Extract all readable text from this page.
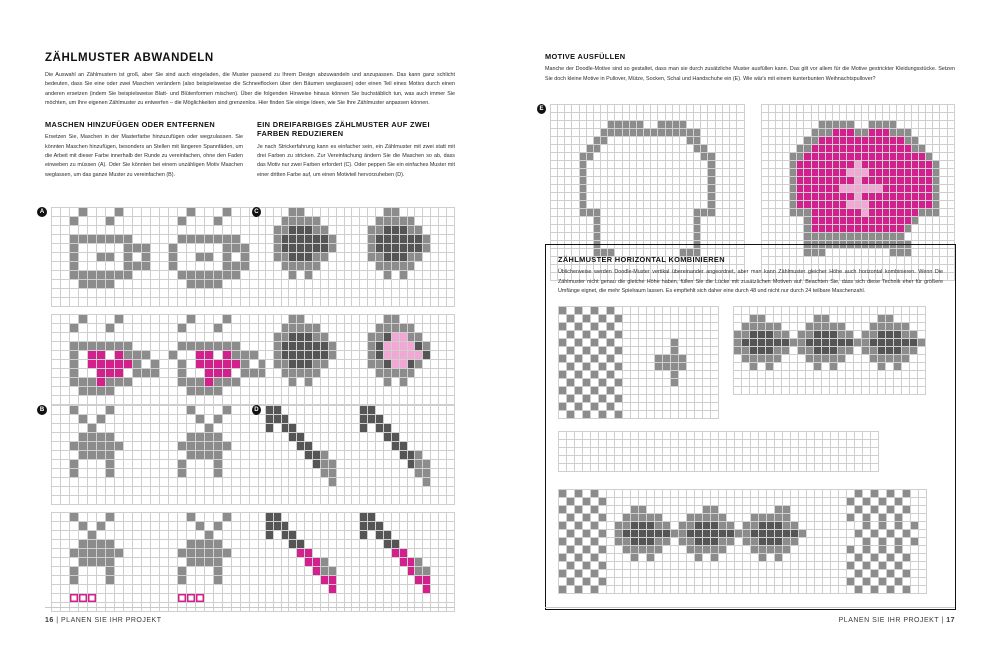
ZÄHLMUSTER ABWANDELN

Die Auswahl an Zählmustern ist groß, aber Sie sind auch eingeladen, die Muster passend zu Ihrem Design abzuwandeln und anzupassen. Das kann ganz schlicht bedeuten, dass Sie eine oder zwei Maschen verändern (also beispielsweise die Schneeflocken über den Bäumen weglassen) oder einen Teil eines Motivs durch einen anderen ersetzen (indem Sie beispielsweise Blatt- und Blütenformen mischen). Über die folgenden Hinweise hinaus können Sie buchstäblich tun, was auch immer Sie möchten, um Ihre eigenen Zählmuster zu entwerfen – die Möglichkeiten sind grenzenlos. Hier finden Sie einige Ideen, wie Sie Ihre Zählmuster anpassen können.

MASCHEN HINZUFÜGEN ODER ENTFERNEN

Ersetzen Sie, Maschen in der Masterfarbe hinzuzufügen oder wegzulassen. Sie könnten Maschen hinzufügen, besonders an Stellen mit längeren Spannfäden, um die Arbeit mit dieser Farbe innerhalb der Runde zu vereinfachen, ohne den Faden einweben zu müssen (A). Oder Sie könnten bei einem unzähligen Motiv Maschen weglassen, um das ganze Muster zu vereinfachen (B).

EIN DREIFARBIGES ZÄHLMUSTER AUF ZWEI FARBEN REDUZIEREN

Je nach Strickerfahrung kann es einfacher sein, ein Zählmuster mit zwei statt mit drei Farben zu stricken. Zur Vereinfachung ändern Sie die Maschen so ab, dass das Motiv nur zwei Farben erfordert (C). Oder peppen Sie ein einfaches Muster mit einer dritten Farbe auf, um einen Motivteil hervorzuheben (D).

A

																								C

B

																								D

16 | PLANEN SIE IHR PROJEKT
MOTIVE AUSFÜLLEN

Manche der Doodle-Motive sind so gestaltet, dass man sie durch zusätzliche Muster ausfüllen kann. Das gilt vor allem für die Motive gestrickter Kleidungsstücke. Setzen Sie doch kleine Motive in Pullover, Mütze, Socken, Schal und Handschuhe ein (E). Wie wär's mit einem kunterbunten Weihnachtspullover?

E

ZÄHLMUSTER HORIZONTAL KOMBINIEREN

Üblicherweise werden Doodle-Muster vertikal übereinander angeordnet, aber man kann Zählmuster gleicher Höhe auch horizontal kombinieren. Wenn Die Zählmuster nicht genau die gleiche Höhe haben, füllen Sie die Lücke mit zusätzlichen Motiven auf. Beachten Sie, dass sich diese Technik eher für größere Umfänge eignet, die mehr Spielraum lassen. Es empfiehlt sich daher eine durch 48 und nicht nur durch 24 teilbare Maschenzahl.

PLANEN SIE IHR PROJEKT | 17
